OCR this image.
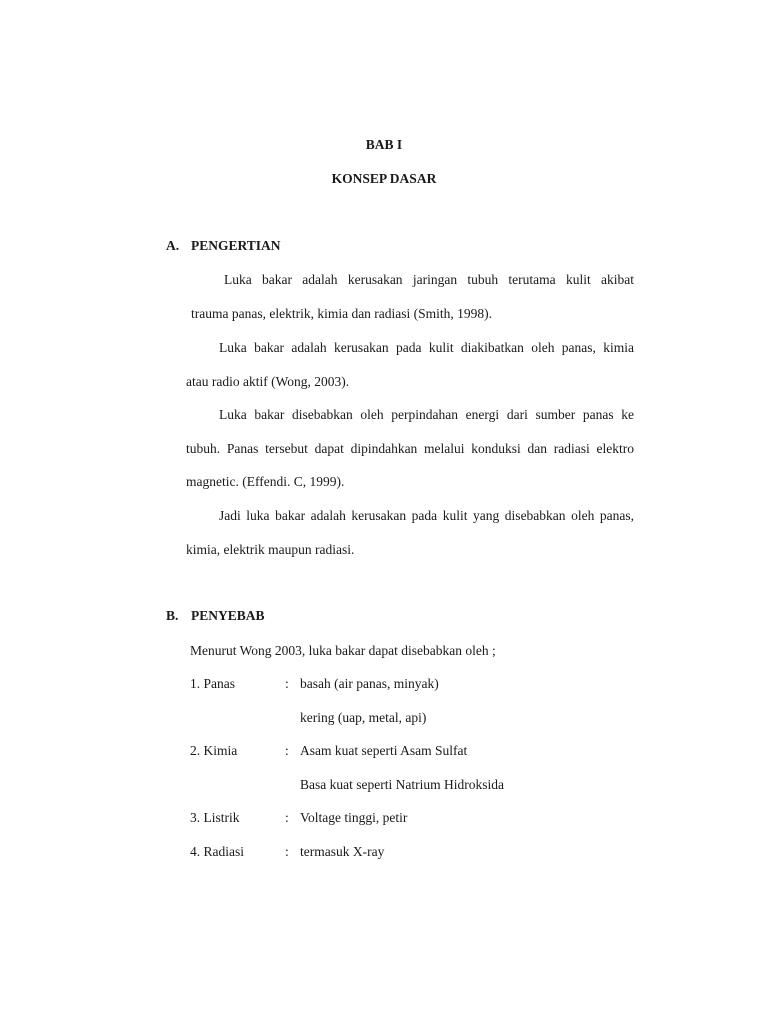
BAB I
KONSEP DASAR
A. PENGERTIAN
Luka bakar adalah kerusakan jaringan tubuh terutama kulit akibat
trauma panas, elektrik, kimia dan radiasi (Smith, 1998).
Luka bakar adalah kerusakan pada kulit diakibatkan oleh panas, kimia
atau radio aktif (Wong, 2003).
Luka bakar disebabkan oleh perpindahan energi dari sumber panas ke
tubuh. Panas tersebut dapat dipindahkan melalui konduksi dan radiasi elektro
magnetic. (Effendi. C, 1999).
Jadi luka bakar adalah kerusakan pada kulit yang disebabkan oleh panas,
kimia, elektrik maupun radiasi.
B. PENYEBAB
Menurut Wong 2003, luka bakar dapat disebabkan oleh ;
1. Panas	: basah (air panas, minyak)
kering (uap, metal, api)
2. Kimia	: Asam kuat seperti Asam Sulfat
Basa kuat seperti Natrium Hidroksida
3. Listrik	: Voltage tinggi, petir
4. Radiasi	: termasuk X-ray
